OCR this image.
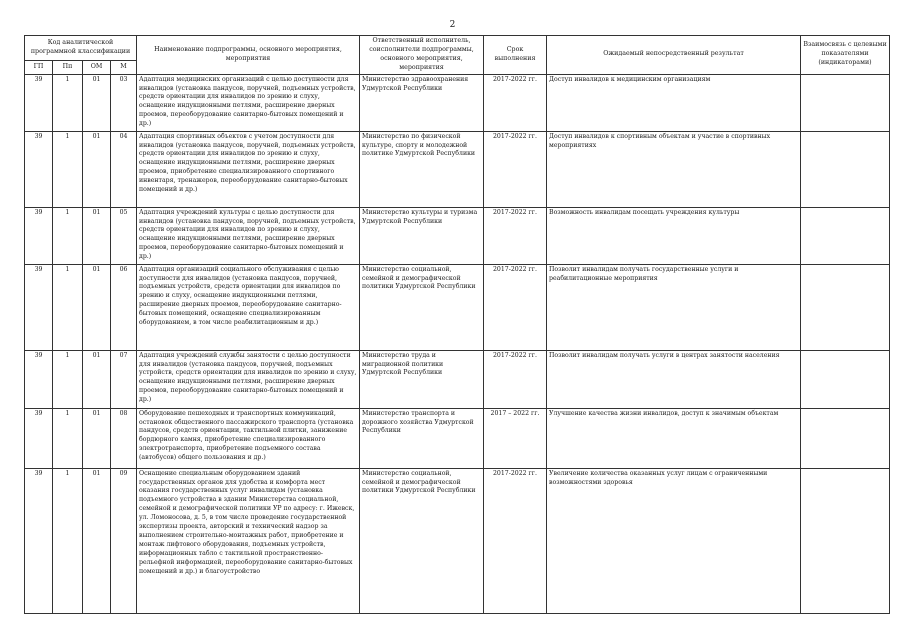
2
Код аналитической программной классификации				Наименование подпрограммы, основного мероприятия, мероприятия	Ответственный исполнитель, соисполнители подпрограммы, основного мероприятия, мероприятия	Срок выполнения	Ожидаемый непосредственный результат	Взаимосвязь с целевыми показателями (индикаторами)
ГП	Пп	ОМ	М					
39	1	01	03	Адаптация медицинских организаций с целью доступности для инвалидов (установка пандусов, поручней, подъемных устройств, средств ориентации для инвалидов по зрению и слуху, оснащение индукционными петлями, расширение дверных проемов, переоборудование санитарно-бытовых помещений и др.)	Министерство здравоохранения Удмуртской Республики	2017-2022 гг.	Доступ инвалидов к медицинским организациям	
39	1	01	04	Адаптация спортивных объектов с учетом доступности для инвалидов (установка пандусов, поручней, подъемных устройств, средств ориентации для инвалидов по зрению и слуху, оснащение индукционными петлями, расширение дверных проемов, приобретение специализированного спортивного инвентаря, тренажеров, переоборудование санитарно-бытовых помещений и др.)	Министерство по физической культуре, спорту и молодежной политике Удмуртской Республики	2017-2022 гг.	Доступ инвалидов к спортивным объектам и участие в спортивных мероприятиях	
39	1	01	05	Адаптация учреждений культуры с целью доступности для инвалидов (установка пандусов, поручней, подъемных устройств, средств ориентации для инвалидов по зрению и слуху, оснащение индукционными петлями, расширение дверных проемов, переоборудование санитарно-бытовых помещений и др.)	Министерство культуры и туризма Удмуртской Республики	2017-2022 гг.	Возможность инвалидам посещать учреждения культуры	
39	1	01	06	Адаптация организаций социального обслуживания с целью доступности для инвалидов (установка пандусов, поручней, подъемных устройств, средств ориентации для инвалидов по зрению и слуху, оснащение индукционными петлями, расширение дверных проемов, переоборудование санитарно-бытовых помещений, оснащение специализированным оборудованием, в том числе реабилитационным и др.)	Министерство социальной, семейной и демографической политики Удмуртской Республики	2017-2022 гг.	Позволит инвалидам получать государственные услуги и реабилитационные мероприятия	
39	1	01	07	Адаптация учреждений службы занятости с целью доступности для инвалидов (установка пандусов, поручней, подъемных устройств, средств ориентации для инвалидов по зрению и слуху, оснащение индукционными петлями, расширение дверных проемов, переоборудование санитарно-бытовых помещений и др.)	Министерство труда и миграционной политики Удмуртской Республики	2017-2022 гг.	Позволит инвалидам получать услуги в центрах занятости населения	
39	1	01	08	Оборудование пешеходных и транспортных коммуникаций, остановок общественного пассажирского транспорта (установка пандусов, средств ориентации, тактильной плитки, занижение бордюрного камня, приобретение специализированного электротранспорта, приобретение подъемного состава (автобусов) общего пользования и др.)	Министерство транспорта и дорожного хозяйства Удмуртской Республики	2017 – 2022 гг.	Улучшение качества жизни инвалидов, доступ к значимым объектам	
39	1	01	09	Оснащение специальным оборудованием зданий государственных органов для удобства и комфорта мест оказания государственных услуг инвалидам (установка подъемного устройства в здании Министерства социальной, семейной и демографической политики УР по адресу: г. Ижевск, ул. Ломоносова, д. 5, в том числе проведение государственной экспертизы проекта, авторский и технический надзор за выполнением строительно-монтажных работ, приобретение и монтаж лифтового оборудования, подъемных устройств, информационных табло с тактильной пространственно-рельефной информацией, переоборудование санитарно-бытовых помещений и др.) и благоустройство	Министерство социальной, семейной и демографической политики Удмуртской Республики	2017-2022 гг.	Увеличение количества оказанных услуг лицам с ограниченными возможностями здоровья	
